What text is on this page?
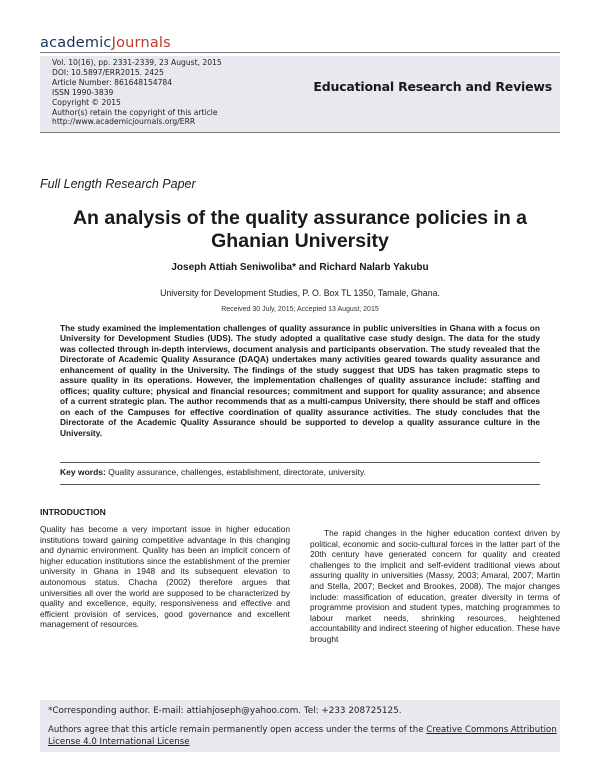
academicJournals
Vol. 10(16), pp. 2331-2339, 23 August, 2015
DOI: 10.5897/ERR2015. 2425
Article Number: 861648154784
ISSN 1990-3839
Copyright © 2015
Author(s) retain the copyright of this article
http://www.academicjournals.org/ERR
Educational Research and Reviews
Full Length Research Paper
An analysis of the quality assurance policies in a Ghanian University
Joseph Attiah Seniwoliba* and Richard Nalarb Yakubu
University for Development Studies, P. O. Box TL 1350, Tamale, Ghana.
Received 30 July, 2015; Accepted 13 August, 2015
The study examined the implementation challenges of quality assurance in public universities in Ghana with a focus on University for Development Studies (UDS). The study adopted a qualitative case study design. The data for the study was collected through in-depth interviews, document analysis and participants observation. The study revealed that the Directorate of Academic Quality Assurance (DAQA) undertakes many activities geared towards quality assurance and enhancement of quality in the University. The findings of the study suggest that UDS has taken pragmatic steps to assure quality in its operations. However, the implementation challenges of quality assurance include: staffing and offices; quality culture; physical and financial resources; commitment and support for quality assurance; and absence of a current strategic plan. The author recommends that as a multi-campus University, there should be staff and offices on each of the Campuses for effective coordination of quality assurance activities. The study concludes that the Directorate of the Academic Quality Assurance should be supported to develop a quality assurance culture in the University.
Key words: Quality assurance, challenges, establishment, directorate, university.
INTRODUCTION
Quality has become a very important issue in higher education institutions toward gaining competitive advantage in this changing and dynamic environment. Quality has been an implicit concern of higher education institutions since the establishment of the premier university in Ghana in 1948 and its subsequent elevation to autonomous status. Chacha (2002) therefore argues that universities all over the world are supposed to be characterized by quality and excellence, equity, responsiveness and effective and efficient provision of services, good governance and excellent management of resources.
The rapid changes in the higher education context driven by political, economic and socio-cultural forces in the latter part of the 20th century have generated concern for quality and created challenges to the implicit and self-evident traditional views about assuring quality in universities (Massy, 2003; Amaral, 2007; Martin and Stella, 2007; Becket and Brookes, 2008). The major changes include: massification of education, greater diversity in terms of programme provision and student types, matching programmes to labour market needs, shrinking resources, heightened accountability and indirect steering of higher education. These have brought
*Corresponding author. E-mail: attiahjoseph@yahoo.com. Tel: +233 208725125.
Authors agree that this article remain permanently open access under the terms of the Creative Commons Attribution License 4.0 International License
